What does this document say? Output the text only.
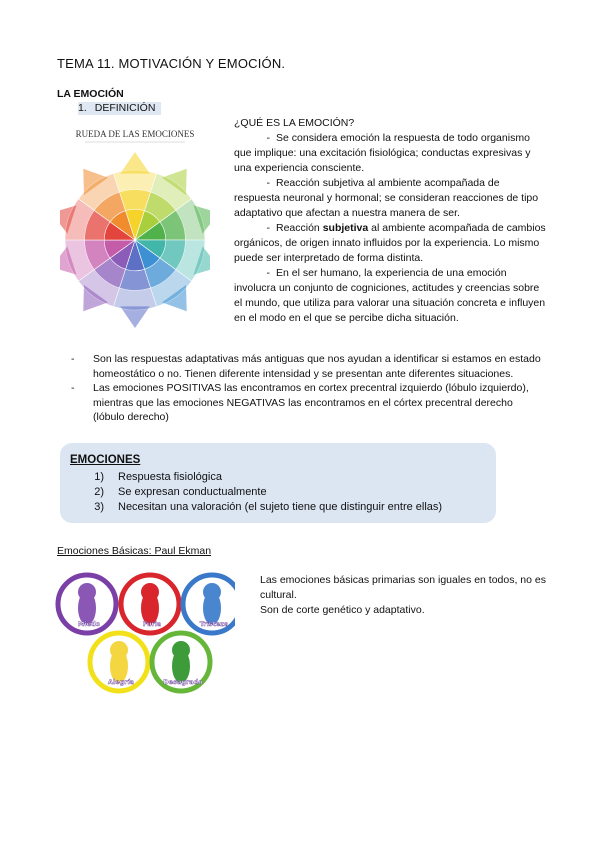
TEMA 11. MOTIVACIÓN Y EMOCIÓN.
LA EMOCIÓN
1. DEFINICIÓN
RUEDA DE LAS EMOCIONES
¿QUÉ ES LA EMOCIÓN?

- Se considera emoción la respuesta de todo organismo que implique: una excitación fisiológica; conductas expresivas y una experiencia consciente.

- Reacción subjetiva al ambiente acompañada de respuesta neuronal y hormonal; se consideran reacciones de tipo adaptativo que afectan a nuestra manera de ser.

- Reacción subjetiva al ambiente acompañada de cambios orgánicos, de origen innato influidos por la experiencia. Lo mismo puede ser interpretado de forma distinta.

- En el ser humano, la experiencia de una emoción involucra un conjunto de cogniciones, actitudes y creencias sobre el mundo, que utiliza para valorar una situación concreta e influyen en el modo en el que se percibe dicha situación.

-	Son las respuestas adaptativas más antiguas que nos ayudan a identificar si estamos en estado homeostático o no. Tienen diferente intensidad y se presentan ante diferentes situaciones.
-	Las emociones POSITIVAS las encontramos en cortex precentral izquierdo (lóbulo izquierdo), mientras que las emociones NEGATIVAS las encontramos en el córtex precentral derecho (lóbulo derecho)
EMOCIONES
1) Respuesta fisiológica
2) Se expresan conductualmente
3) Necesitan una valoración (el sujeto tiene que distinguir entre ellas)
Emociones Básicas: Paul Ekman
Miedo	Furia	Tristeza
Alegría	Desagrado
Las emociones básicas primarias son iguales en todos, no es cultural.
Son de corte genético y adaptativo.
